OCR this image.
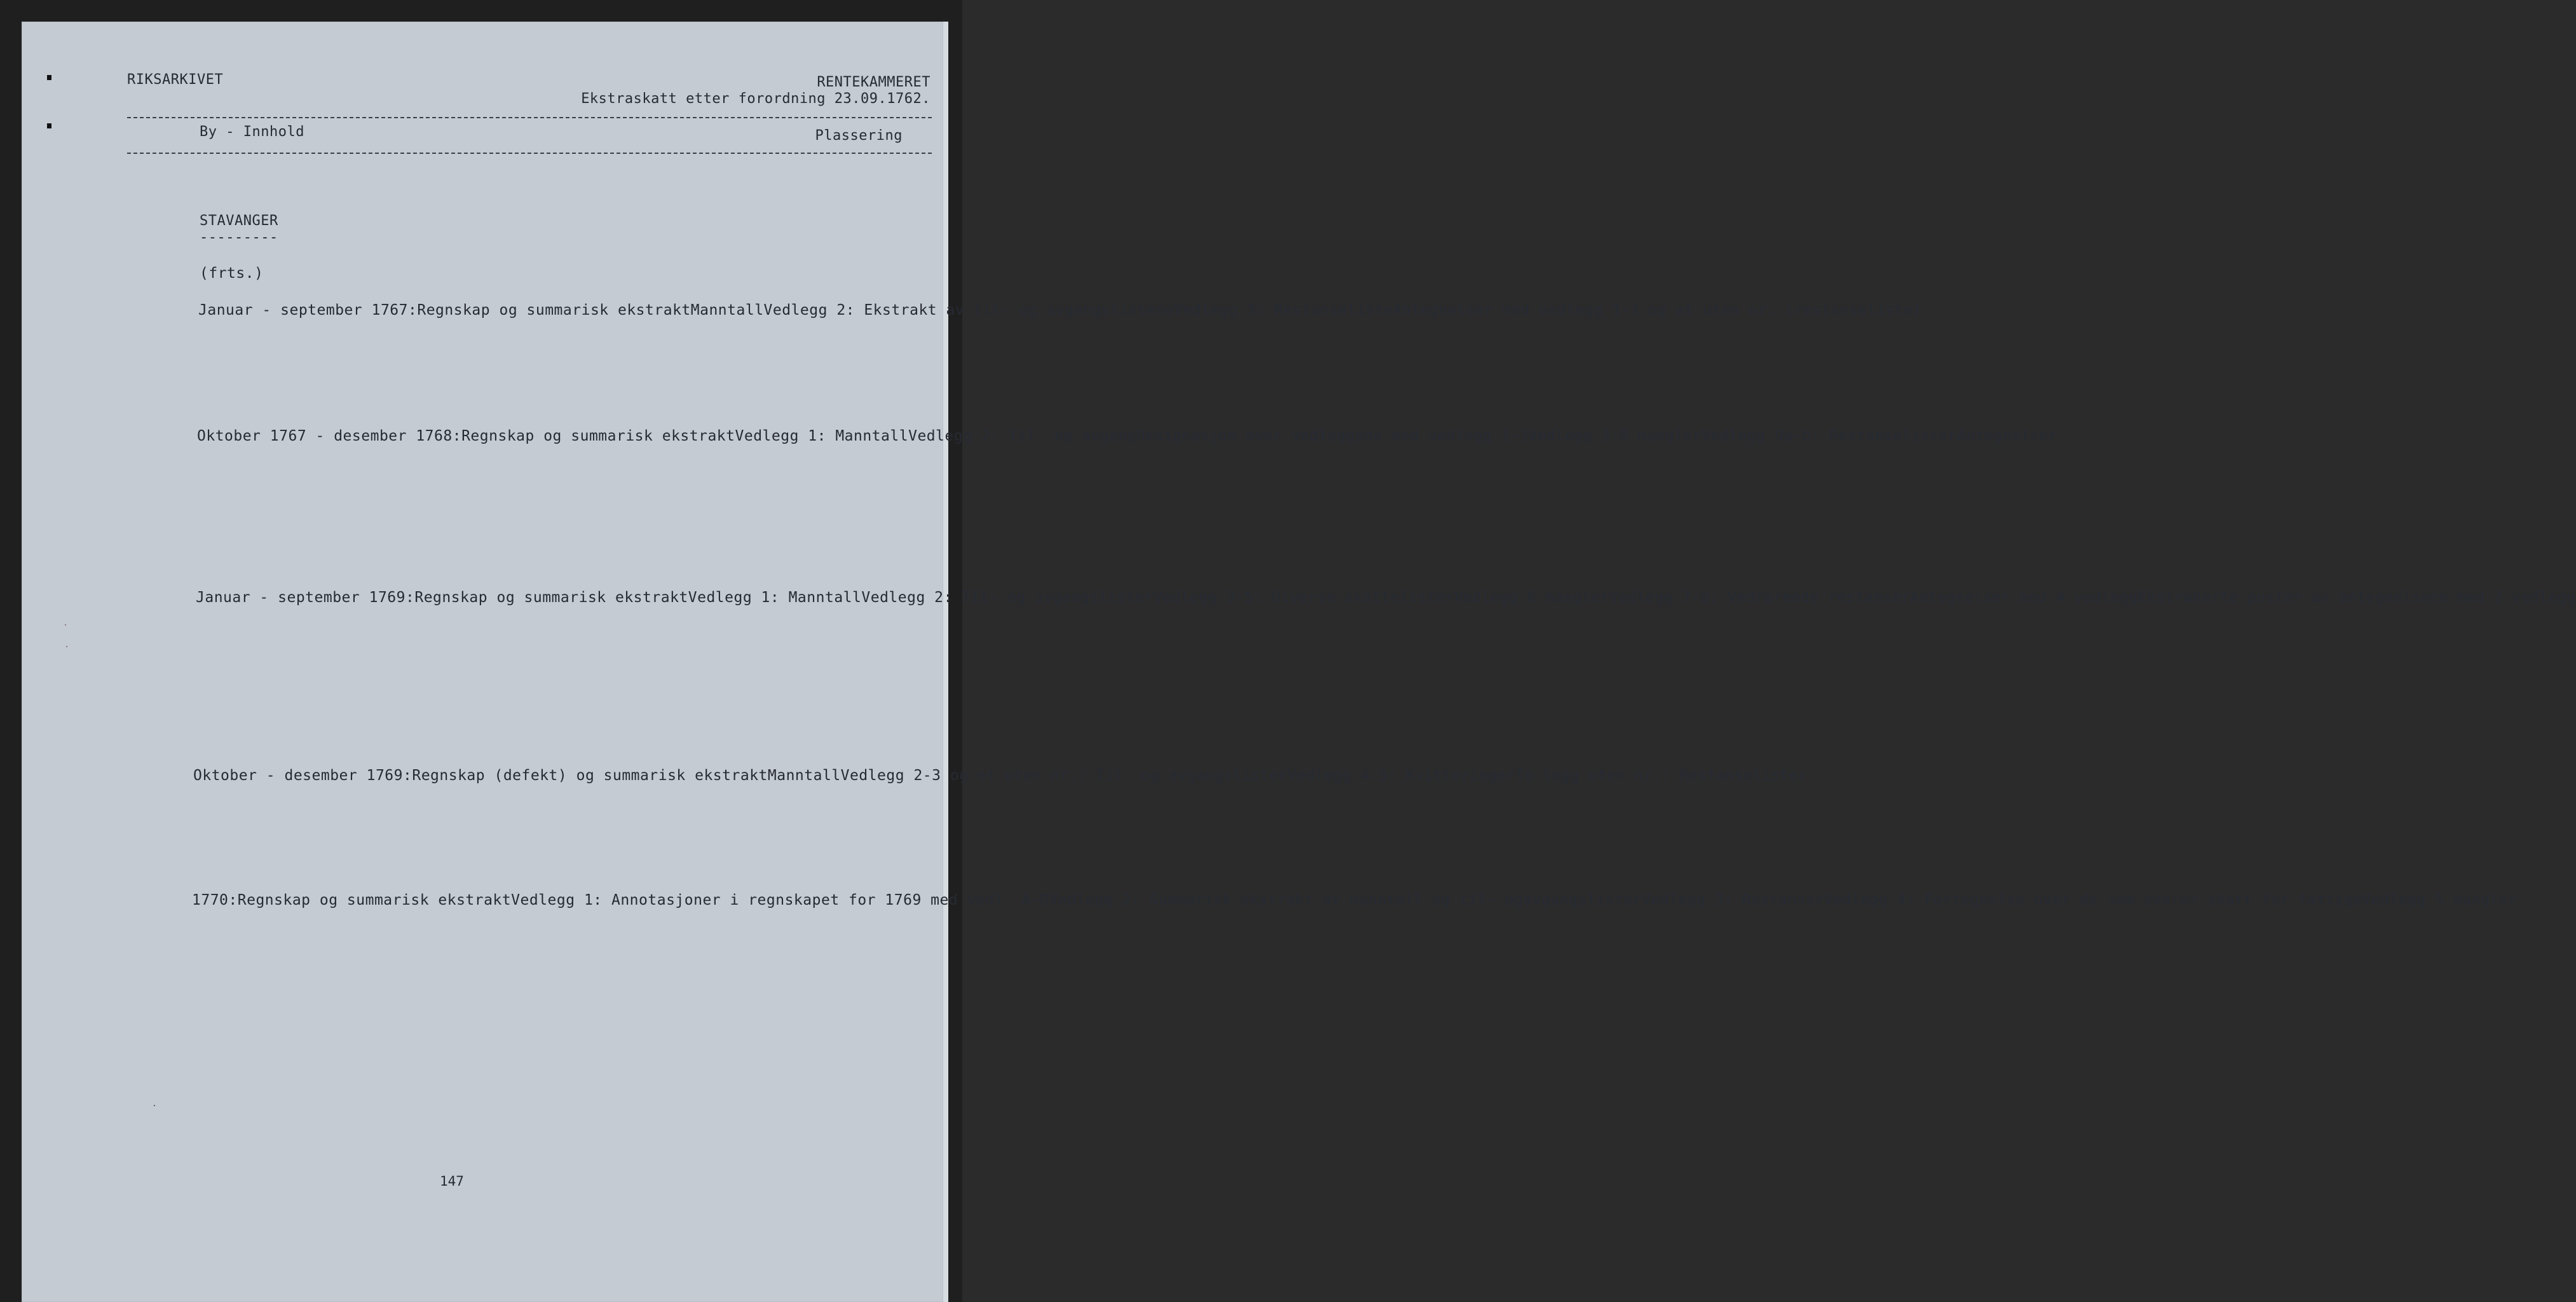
RIKSARKIVET	RENTEKAMMERET
Ekstraskatt etter forordning 23.09.1762.
By - Innhold	Plassering
STAVANGER
---------
(frts.)
Januar - september 1767:Regnskap og summarisk ekstraktManntallVedlegg 2: Ekstrakt av til- og avgangslisteneVedlegg 3: RestanselisteAntegnelser med vedlegg 1-3 og et uten nr. (restanseliste)
Oktober 1767 - desember 1768:Regnskap og summarisk ekstraktVedlegg 1: ManntallVedlegg 2: Til- og avgangDesignasjon over vedleggene med vedlegg 1-3Vedlegg 3-8 manglerVedlegg 9a-b: RestanselisterAntegnelser
Januar - september 1769:Regnskap og summarisk ekstraktVedlegg 1: ManntallVedlegg 2: Til- og avgangslisterVedlegg 3-5: Diverse skattelisterVedlegg 6 manglerVedlegg 7-8: Vedrørende restanserAntegnelser med 4 vedleggEkstraherte poster av antegnelsene med 2 vedlegg
Oktober - desember 1769:Regnskap (defekt) og summarisk ekstraktManntallVedlegg 2-3 og et uten nr.: Til- og avgangslisterVedlegg 4-5: KvitteringerTo legg uten nr.: Restanselister
1770:Regnskap og summarisk ekstraktVedlegg 1: Annotasjoner i regnskapet for 1769 med vedl. A-DVedlegg 2: Summarisk ekstrakt av manntall og til- ogavgangslisterVedlegg 3: RestanserVedlegg 4: Fortegnelse over de som svarer skatt for fattigeVedlegg 5 mangler
147
